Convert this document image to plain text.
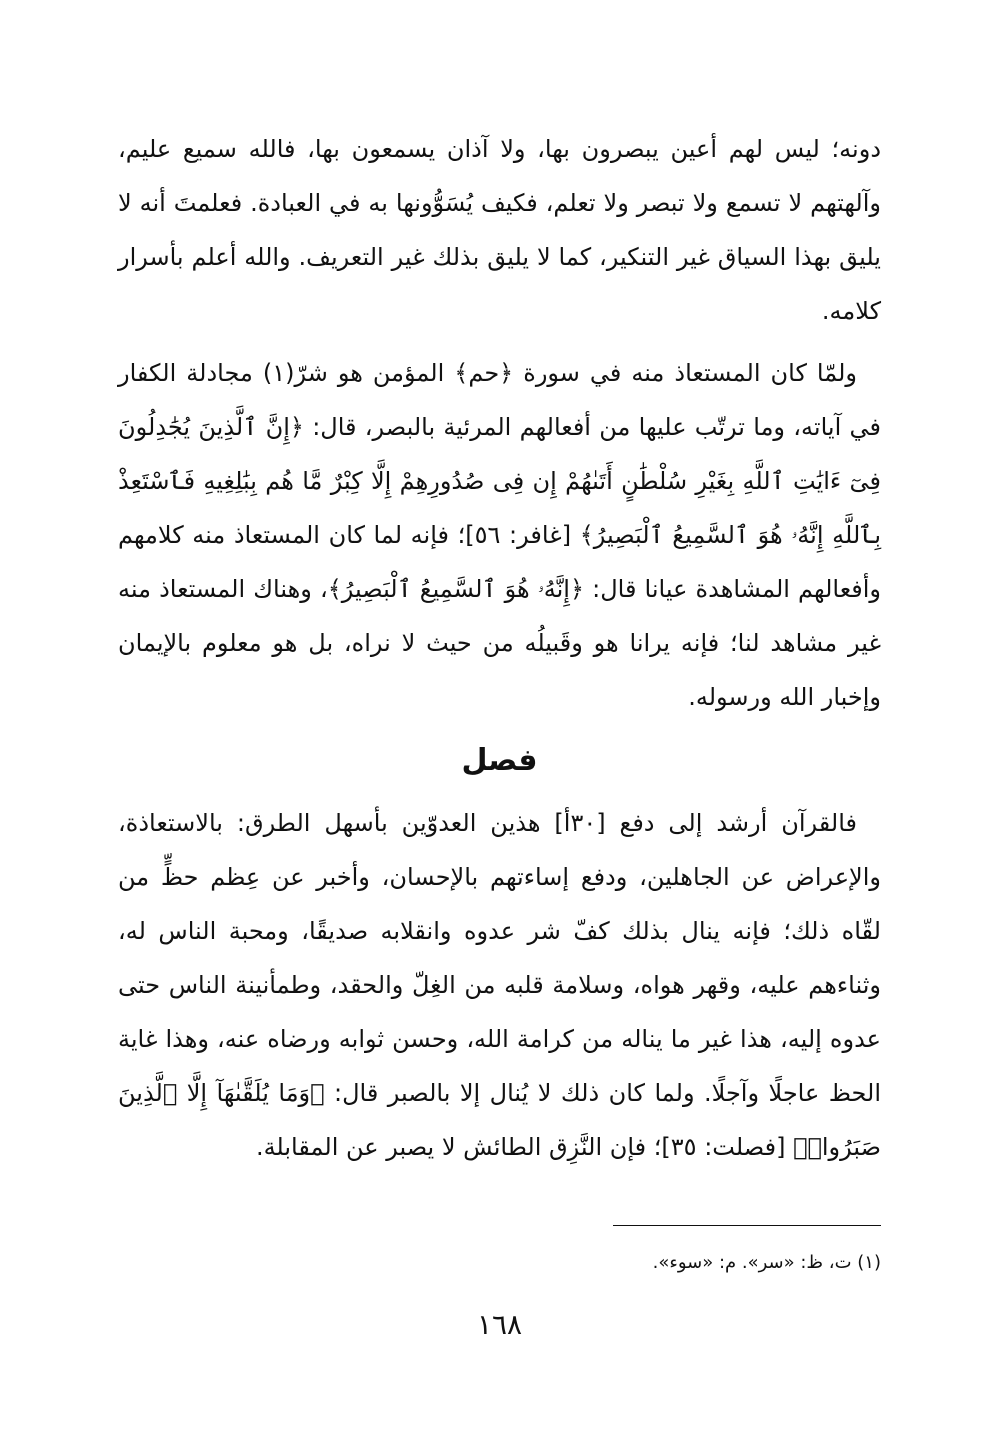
دونه؛ ليس لهم أعين يبصرون بها، ولا آذان يسمعون بها، فالله سميع عليم، وآلهتهم لا تسمع ولا تبصر ولا تعلم، فكيف يُسَوُّونها به في العبادة. فعلمتَ أنه لا يليق بهذا السياق غير التنكير، كما لا يليق بذلك غير التعريف. والله أعلم بأسرار كلامه.

ولمّا كان المستعاذ منه في سورة ﴿حم﴾ المؤمن هو شرّ(١) مجادلة الكفار في آياته، وما ترتّب عليها من أفعالهم المرئية بالبصر، قال: ﴿إِنَّ ٱلَّذِينَ يُجَٰدِلُونَ فِىٓ ءَايَٰتِ ٱللَّهِ بِغَيْرِ سُلْطَٰنٍ أَتَىٰهُمْ إِن فِى صُدُورِهِمْ إِلَّا كِبْرٌ مَّا هُم بِبَٰلِغِيهِ فَٱسْتَعِذْ بِٱللَّهِ إِنَّهُۥ هُوَ ٱلسَّمِيعُ ٱلْبَصِيرُ﴾ [غافر: ٥٦]؛ فإنه لما كان المستعاذ منه كلامهم وأفعالهم المشاهدة عيانا قال: ﴿إِنَّهُۥ هُوَ ٱلسَّمِيعُ ٱلْبَصِيرُ﴾، وهناك المستعاذ منه غير مشاهد لنا؛ فإنه يرانا هو وقَبيلُه من حيث لا نراه، بل هو معلوم بالإيمان وإخبار الله ورسوله.

فصل

فالقرآن أرشد إلى دفع [٣٠أ] هذين العدوّين بأسهل الطرق: بالاستعاذة، والإعراض عن الجاهلين، ودفع إساءتهم بالإحسان، وأخبر عن عِظم حظٍّ من لقّاه ذلك؛ فإنه ينال بذلك كفّ شر عدوه وانقلابه صديقًا، ومحبة الناس له، وثناءهم عليه، وقهر هواه، وسلامة قلبه من الغِلّ والحقد، وطمأنينة الناس حتى عدوه إليه، هذا غير ما يناله من كرامة الله، وحسن ثوابه ورضاه عنه، وهذا غاية الحظ عاجلًا وآجلًا. ولما كان ذلك لا يُنال إلا بالصبر قال: ﴿وَمَا يُلَقَّىٰهَآ إِلَّا ٱلَّذِينَ صَبَرُوا۟﴾ [فصلت: ٣٥]؛ فإن النَّزِق الطائش لا يصبر عن المقابلة.

(١) ت، ظ: «سر». م: «سوء».
١٦٨
